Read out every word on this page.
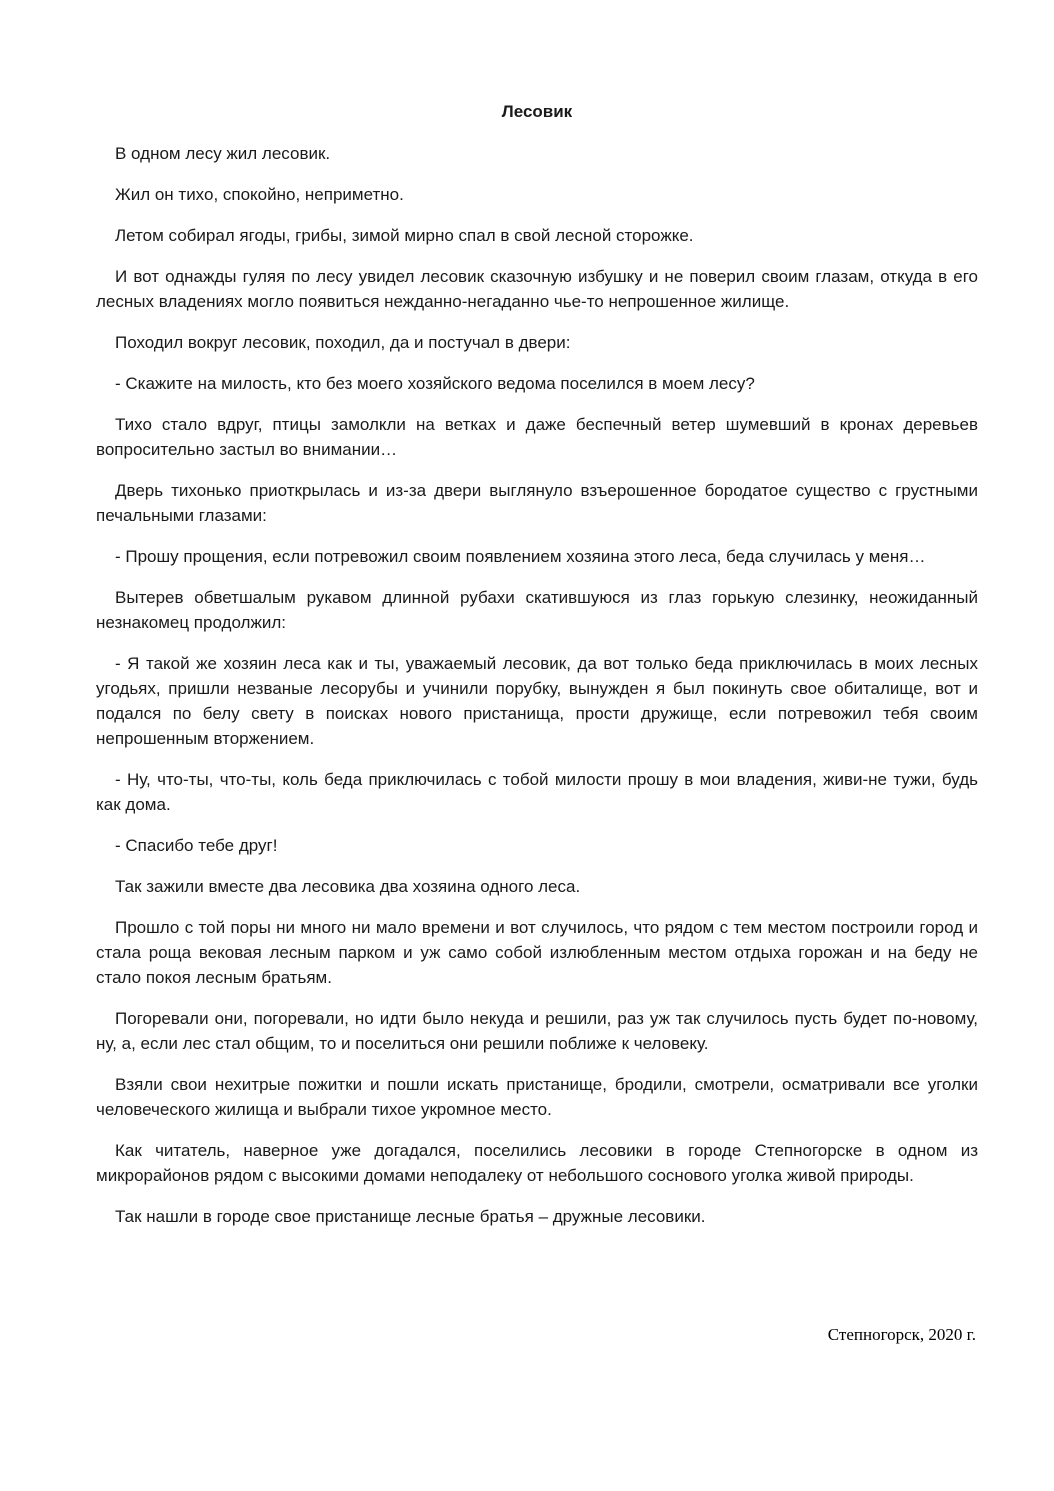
Лесовик

В одном лесу жил лесовик.

Жил он тихо, спокойно, неприметно.

Летом собирал ягоды, грибы, зимой мирно спал в свой лесной сторожке.

И вот однажды гуляя по лесу увидел лесовик сказочную избушку и не поверил своим глазам, откуда в его лесных владениях могло появиться нежданно-негаданно чье-то непрошенное жилище.

Походил вокруг лесовик, походил, да и постучал в двери:

- Скажите на милость, кто без моего хозяйского ведома поселился в моем лесу?

Тихо стало вдруг, птицы замолкли на ветках и даже беспечный ветер шумевший в кронах деревьев вопросительно застыл во внимании…

Дверь тихонько приоткрылась и из-за двери выглянуло взъерошенное бородатое существо с грустными печальными глазами:

- Прошу прощения, если потревожил своим появлением хозяина этого леса, беда случилась у меня…

Вытерев обветшалым рукавом длинной рубахи скатившуюся из глаз горькую слезинку, неожиданный незнакомец продолжил:

- Я такой же хозяин леса как и ты, уважаемый лесовик, да вот только беда приключилась в моих лесных угодьях, пришли незваные лесорубы и учинили порубку, вынужден я был покинуть свое обиталище, вот и подался по белу свету в поисках нового пристанища, прости дружище, если потревожил тебя своим непрошенным вторжением.

- Ну, что-ты, что-ты, коль беда приключилась с тобой милости прошу в мои владения, живи-не тужи, будь как дома.

- Спасибо тебе друг!

Так зажили вместе два лесовика два хозяина одного леса.

Прошло с той поры ни много ни мало времени и вот случилось, что рядом с тем местом построили город и стала роща вековая лесным парком и уж само собой излюбленным местом отдыха горожан и на беду не стало покоя лесным братьям.

Погоревали они, погоревали, но идти было некуда и решили, раз уж так случилось пусть будет по-новому, ну, а, если лес стал общим, то и поселиться они решили поближе к человеку.

Взяли свои нехитрые пожитки и пошли искать пристанище, бродили, смотрели, осматривали все уголки человеческого жилища и выбрали тихое укромное место.

Как читатель, наверное уже догадался, поселились лесовики в городе Степногорске в одном из микрорайонов рядом с высокими домами неподалеку от небольшого соснового уголка живой природы.

Так нашли в городе свое пристанище лесные братья – дружные лесовики.

Степногорск, 2020 г.
